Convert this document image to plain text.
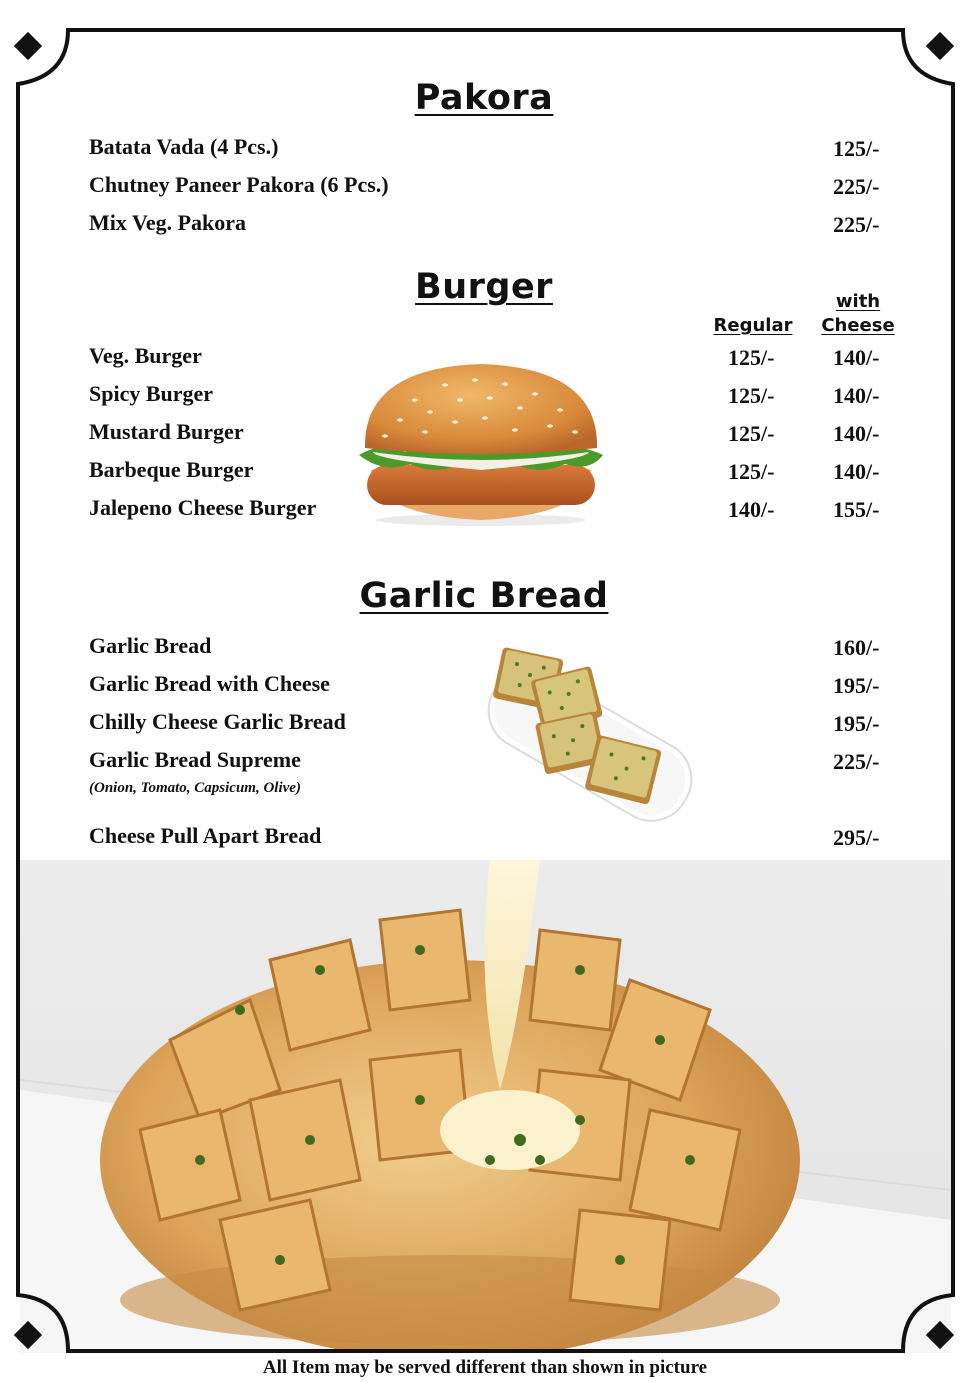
Pakora
Batata Vada (4 Pcs.)	125/-
Chutney Paneer Pakora (6 Pcs.)	225/-
Mix Veg. Pakora	225/-
Burger
Regular
with
Cheese
Veg. Burger	125/-	140/-
Spicy Burger	125/-	140/-
Mustard Burger	125/-	140/-
Barbeque Burger	125/-	140/-
Jalepeno Cheese Burger	140/-	155/-
Garlic Bread
Garlic Bread	160/-
Garlic Bread with Cheese	195/-
Chilly Cheese Garlic Bread	195/-
Garlic Bread Supreme	225/-
(Onion, Tomato, Capsicum, Olive)
Cheese Pull Apart Bread	295/-
All Item may be served different than shown in picture
